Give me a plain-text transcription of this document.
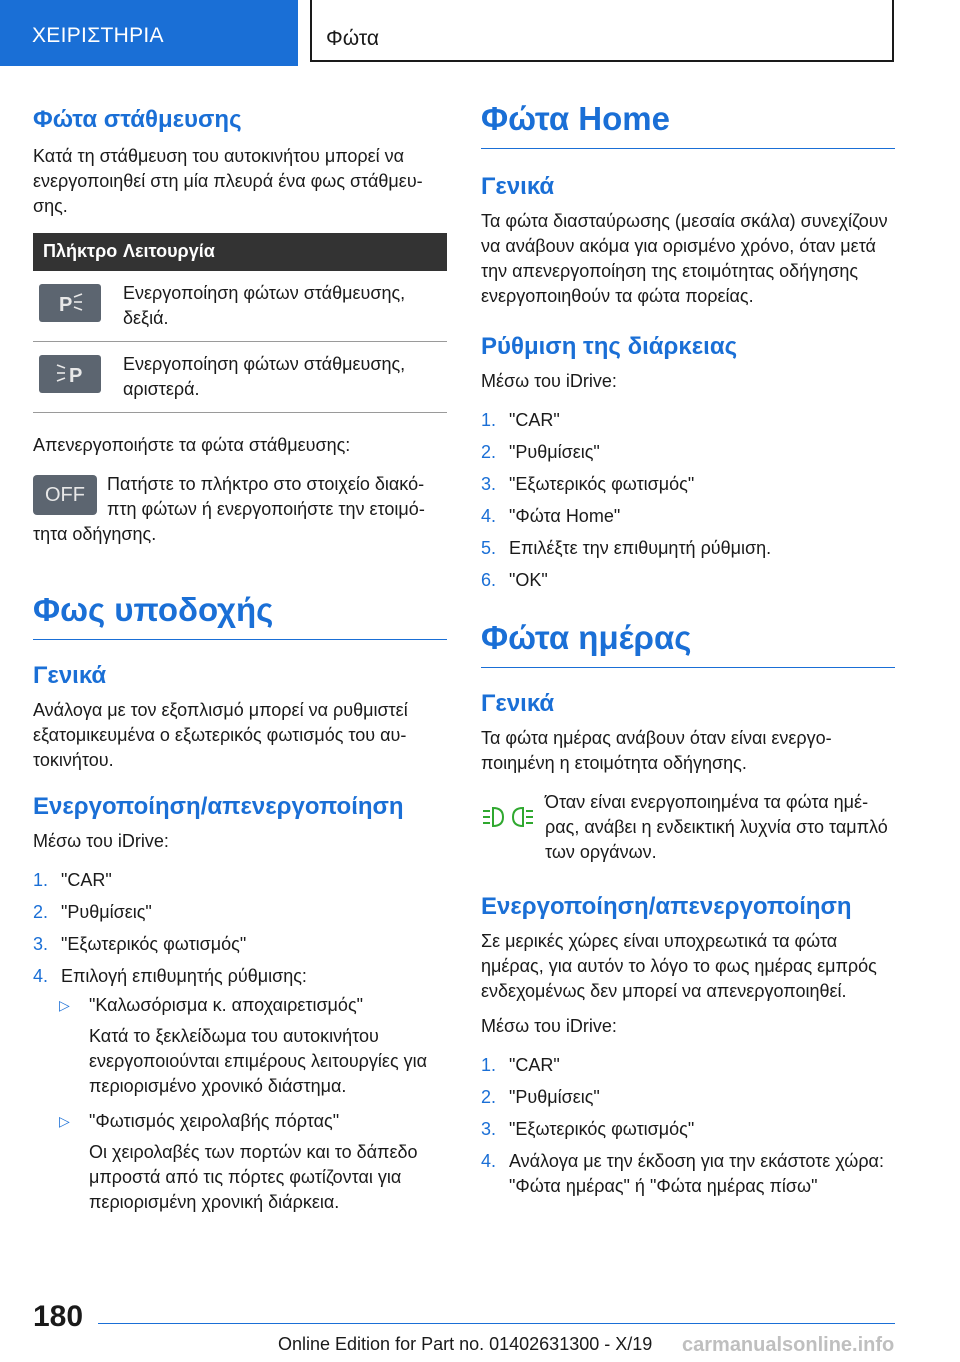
ΧΕΙΡΙΣΤΗΡΙΑ	Φώτα
Φώτα στάθμευσης

Κατά τη στάθμευση του αυτοκινήτου μπορεί να ενεργοποιηθεί στη μία πλευρά ένα φως στάθμευσης.

Πλήκτρο	Λειτουργία

P	Ενεργοποίηση φώτων στάθμευσης, δεξιά.

P	Ενεργοποίηση φώτων στάθμευσης, αριστερά.

Απενεργοποιήστε τα φώτα στάθμευσης:

OFF	Πατήστε το πλήκτρο στο στοιχείο διακόπτη φώτων ή ενεργοποιήστε την ετοιμότητα οδήγησης.

Φως υποδοχής
Γενικά

Ανάλογα με τον εξοπλισμό μπορεί να ρυθμιστεί εξατομικευμένα ο εξωτερικός φωτισμός του αυτοκινήτου.

Ενεργοποίηση/απενεργοποίηση

Μέσω του iDrive:

1. "CAR"
2. "Ρυθμίσεις"
3. "Εξωτερικός φωτισμός"
4. Επιλογή επιθυμητής ρύθμισης:
▷ "Καλωσόρισμα κ. αποχαιρετισμός"

Κατά το ξεκλείδωμα του αυτοκινήτου ενεργοποιούνται επιμέρους λειτουργίες για περιορισμένο χρονικό διάστημα.

▷ "Φωτισμός χειρολαβής πόρτας"

Οι χειρολαβές των πορτών και το δάπεδο μπροστά από τις πόρτες φωτίζονται για περιορισμένη χρονική διάρκεια.

Φώτα Home
Γενικά

Τα φώτα διασταύρωσης (μεσαία σκάλα) συνεχίζουν να ανάβουν ακόμα για ορισμένο χρόνο, όταν μετά την απενεργοποίηση της ετοιμότητας οδήγησης ενεργοποιηθούν τα φώτα πορείας.

Ρύθμιση της διάρκειας

Μέσω του iDrive:

1. "CAR"
2. "Ρυθμίσεις"
3. "Εξωτερικός φωτισμός"
4. "Φώτα Home"
5. Επιλέξτε την επιθυμητή ρύθμιση.
6. "OK"
Φώτα ημέρας
Γενικά

Τα φώτα ημέρας ανάβουν όταν είναι ενεργοποιημένη η ετοιμότητα οδήγησης.

Όταν είναι ενεργοποιημένα τα φώτα ημέρας, ανάβει η ενδεικτική λυχνία στο ταμπλό των οργάνων.

Ενεργοποίηση/απενεργοποίηση

Σε μερικές χώρες είναι υποχρεωτικά τα φώτα ημέρας, για αυτόν το λόγο το φως ημέρας εμπρός ενδεχομένως δεν μπορεί να απενεργοποιηθεί.

Μέσω του iDrive:

1. "CAR"
2. "Ρυθμίσεις"
3. "Εξωτερικός φωτισμός"
4. Ανάλογα με την έκδοση για την εκάστοτε χώρα: "Φώτα ημέρας" ή "Φώτα ημέρας πίσω"
180
Online Edition for Part no. 01402631300 - X/19 carmanualsonline.info
